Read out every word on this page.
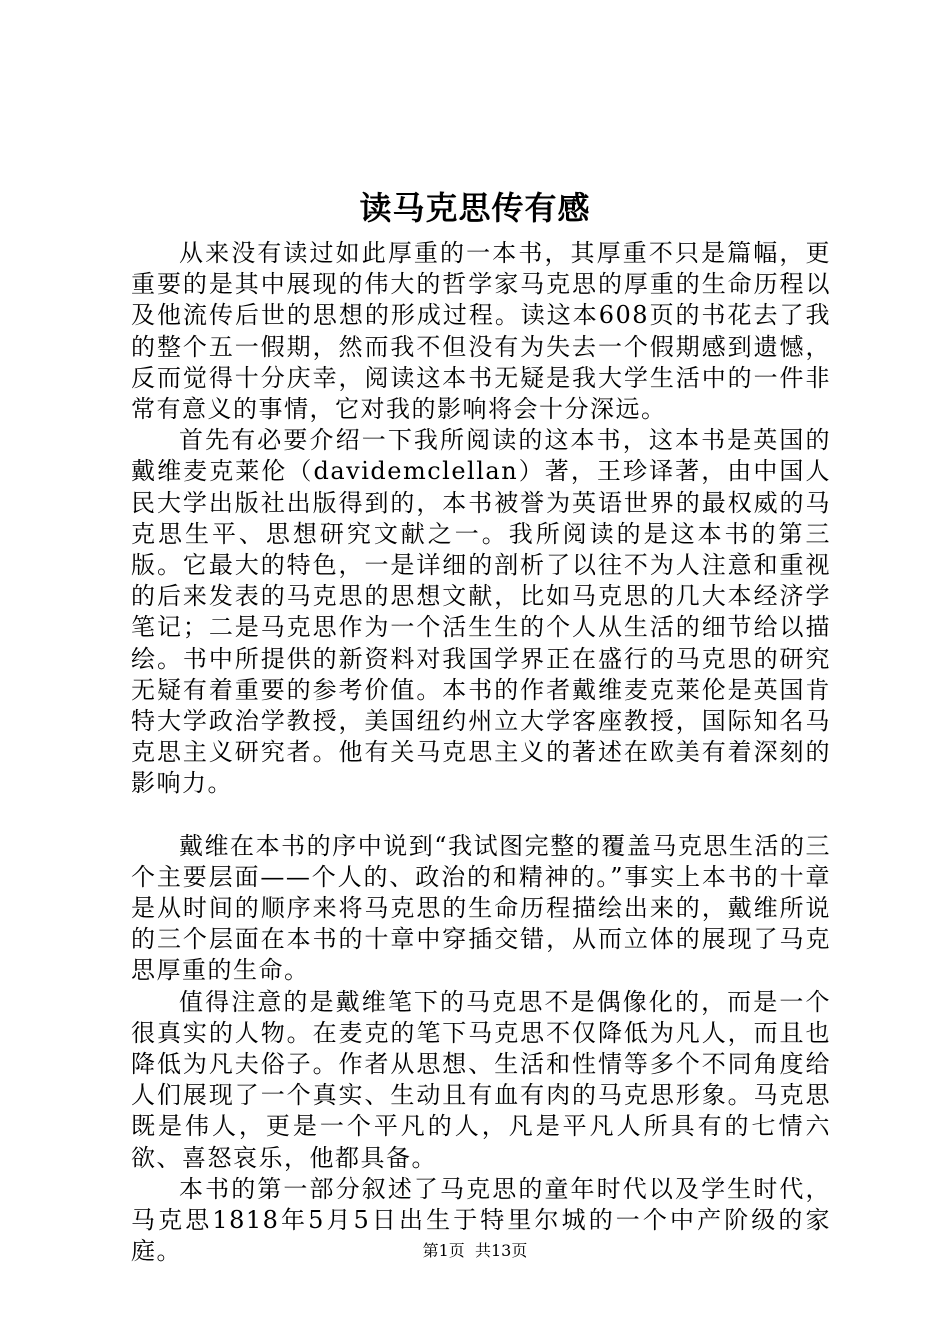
读马克思传有感

从来没有读过如此厚重的一本书，其厚重不只是篇幅，更重要的是其中展现的伟大的哲学家马克思的厚重的生命历程以及他流传后世的思想的形成过程。读这本608页的书花去了我的整个五一假期，然而我不但没有为失去一个假期感到遗憾，反而觉得十分庆幸，阅读这本书无疑是我大学生活中的一件非常有意义的事情，它对我的影响将会十分深远。

首先有必要介绍一下我所阅读的这本书，这本书是英国的戴维麦克莱伦（davidemclellan）著，王珍译著，由中国人民大学出版社出版得到的，本书被誉为英语世界的最权威的马克思生平、思想研究文献之一。我所阅读的是这本书的第三版。它最大的特色，一是详细的剖析了以往不为人注意和重视的后来发表的马克思的思想文献，比如马克思的几大本经济学笔记；二是马克思作为一个活生生的个人从生活的细节给以描绘。书中所提供的新资料对我国学界正在盛行的马克思的研究无疑有着重要的参考价值。本书的作者戴维麦克莱伦是英国肯特大学政治学教授，美国纽约州立大学客座教授，国际知名马克思主义研究者。他有关马克思主义的著述在欧美有着深刻的影响力。

戴维在本书的序中说到“我试图完整的覆盖马克思生活的三个主要层面——个人的、政治的和精神的。”事实上本书的十章是从时间的顺序来将马克思的生命历程描绘出来的，戴维所说的三个层面在本书的十章中穿插交错，从而立体的展现了马克思厚重的生命。

值得注意的是戴维笔下的马克思不是偶像化的，而是一个很真实的人物。在麦克的笔下马克思不仅降低为凡人，而且也降低为凡夫俗子。作者从思想、生活和性情等多个不同角度给人们展现了一个真实、生动且有血有肉的马克思形象。马克思既是伟人，更是一个平凡的人，凡是平凡人所具有的七情六欲、喜怒哀乐，他都具备。

本书的第一部分叙述了马克思的童年时代以及学生时代，马克思1818年5月5日出生于特里尔城的一个中产阶级的家庭。	第1页 共13页
